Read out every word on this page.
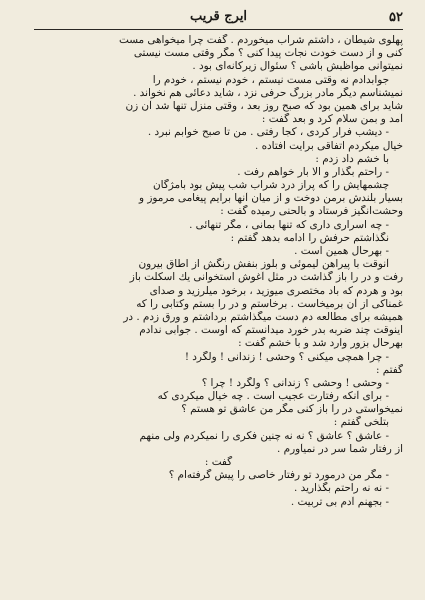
۵۲
ایرج قریب
پهلوی شیطان ، داشتم شراب میخوردم . گفت چرا میخواهی مست
کنی و از دست خودت نجات پیدا کنی ؟ مگر وقتی مست نیستی
نمیتوانی مواظبش باشی ؟ سئوال زیرکانه‌ای بود .
جوابدادم نه وقتی مست نیستم ، خودم نیستم ، خودم را
نمیشناسم دیگر مادر بزرگ حرفی نزد ، شاید دعائی هم نخواند .
شاید برای همین بود که صبح روز بعد ، وقتی منزل تنها شد آن زن
آمد و بمن سلام کرد و بعد گفت :
- دیشب فرار کردی ، کجا رفتی . من تا صبح خوابم نبرد .
خیال میکردم اتفاقی برایت افتاده .
با خشم داد زدم :
- راحتم بگذار و الا بار خواهم رفت .
چشمهایش را که پراز درد شراب شب پیش بود بامژگان
بسیار بلندش برمن دوخت و از میان آنها برایم پیغامی مرموز و
وحشت‌انگیز فرستاد و بالحنی رمیده گفت :
- چه اسراری داری که تنها بمانی ، مگر تنهائی .
نگذاشتم حرفش را ادامه بدهد گفتم :
- بهرحال همین است .
آنوقت با پیراهن لیموئی و بلوز بنفش رنگش از اطاق بیرون
رفت و در را باز گذاشت در مثل آغوش استخوانی یك اسکلت باز
بود و هردم که باد مختصری میوزید ، برخود میلرزید و صدای
غمناکی از آن برمیخاست . برخاستم و در را بستم وکتابی را که
همیشه برای مطالعه دم دست میگذاشتم برداشتم و ورق زدم . در
اینوقت چند ضربه بدر خورد میدانستم که اوست . جوابی ندادم
بهرحال بزور وارد شد و با خشم گفت :
- چرا همچی میکنی ؟ وحشی ! زندانی ! ولگرد !
گفتم :
- وحشی ! وحشی ؟ زندانی ؟ ولگرد ! چرا ؟
- برای آنکه رفتارت عجیب است . چه خیال میکردی که
نمیخواستی در را باز کنی مگر من عاشق تو هستم ؟
بتلخی گفتم :
- عاشق ؟ عاشق ؟ نه نه چنین فکری را نمیکردم ولی منهم
از رفتار شما سر در نمیآورم .
گفت :
- مگر من درمورد تو رفتار خاصی را پیش گرفته‌ام ؟
- نه نه راحتم بگذارید .
- بجهنم آدم بی تربیت .
